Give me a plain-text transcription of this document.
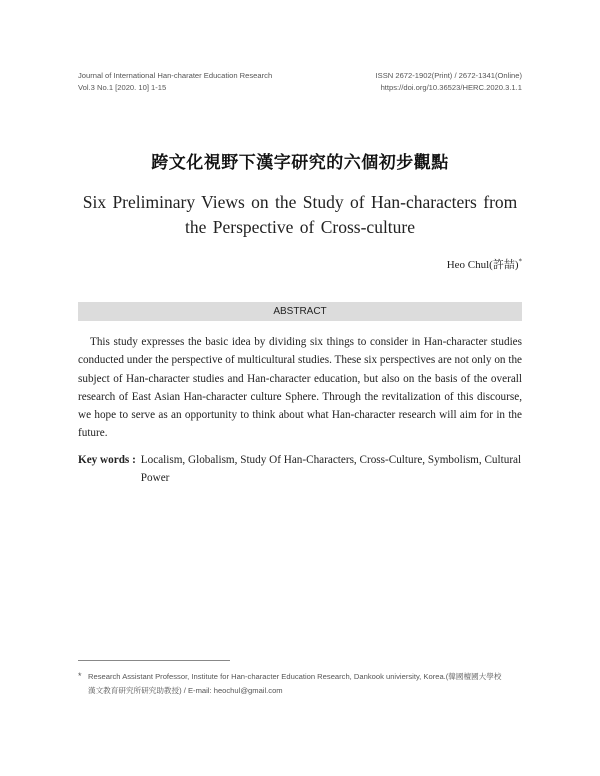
Journal of International Han-charater Education Research	ISSN 2672-1902(Print) / 2672-1341(Online)
Vol.3 No.1 [2020. 10] 1-15	https://doi.org/10.36523/HERC.2020.3.1.1
跨文化視野下漢字研究的六個初步觀點
Six Preliminary Views on the Study of Han-characters from the Perspective of Cross-culture
Heo Chul(許喆)*
ABSTRACT

This study expresses the basic idea by dividing six things to consider in Han-character studies conducted under the perspective of multicultural studies. These six perspectives are not only on the subject of Han-character studies and Han-character education, but also on the basis of the overall research of East Asian Han-character culture Sphere. Through the revitalization of this discourse, we hope to serve as an opportunity to think about what Han-character research will aim for in the future.

Key words : Localism, Globalism, Study Of Han-Characters, Cross-Culture, Symbolism, Cultural Power
* Research Assistant Professor, Institute for Han-character Education Research, Dankook univiersity, Korea.(韓國檀國大學校
漢文教育研究所研究助教授) / E-mail: heochul@gmail.com
